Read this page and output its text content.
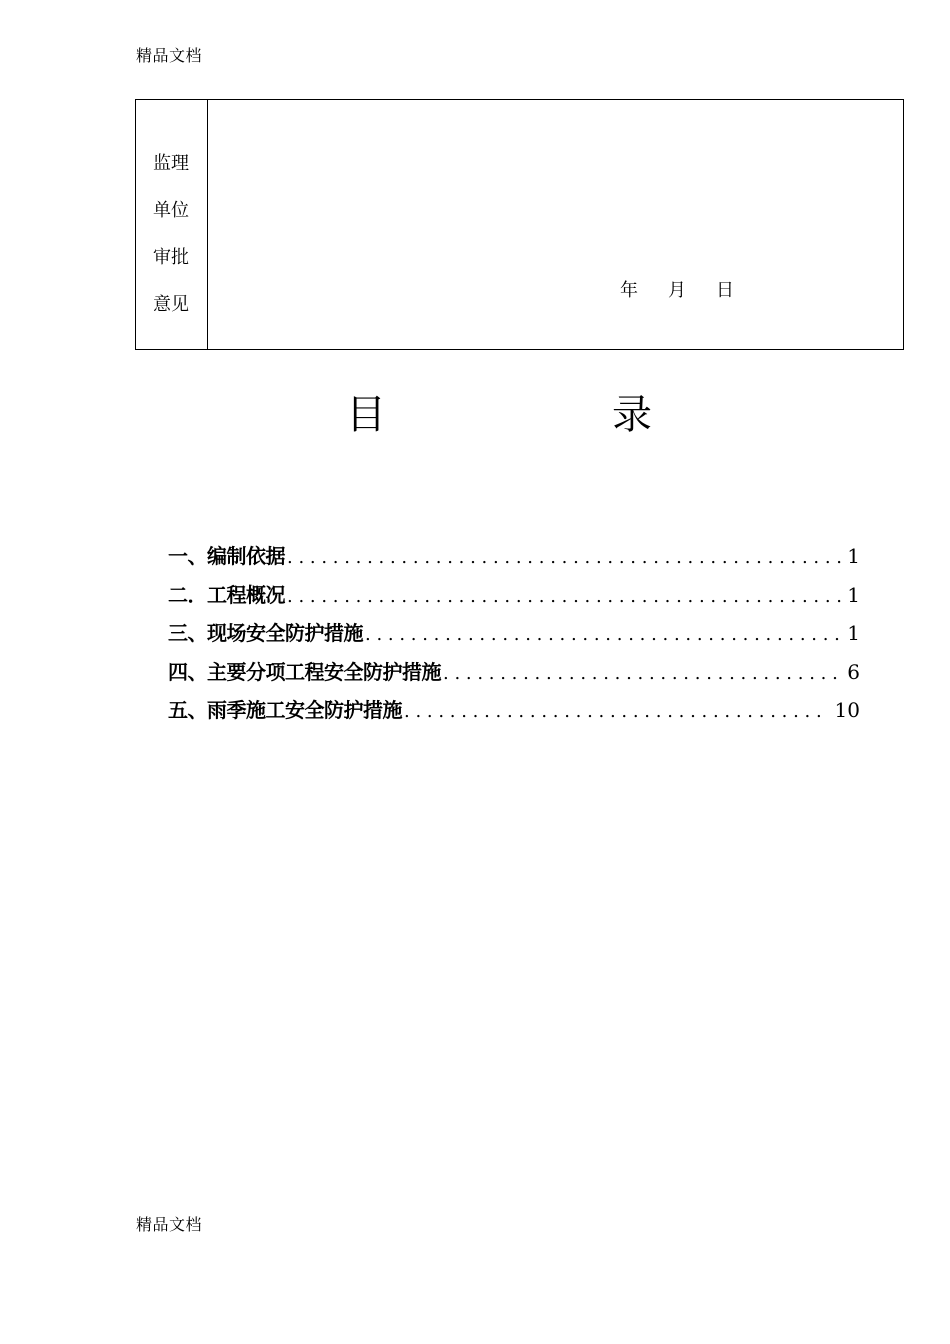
精品文档
监理
单位
审批
意见
年 月 日
目	录
一、编制依据 . . .	1
二．工程概况 . . .	1
三、现场安全防护措施 . . .	1
四、主要分项工程安全防护措施 . . .	6
五、雨季施工安全防护措施 . . .	10
精品文档
